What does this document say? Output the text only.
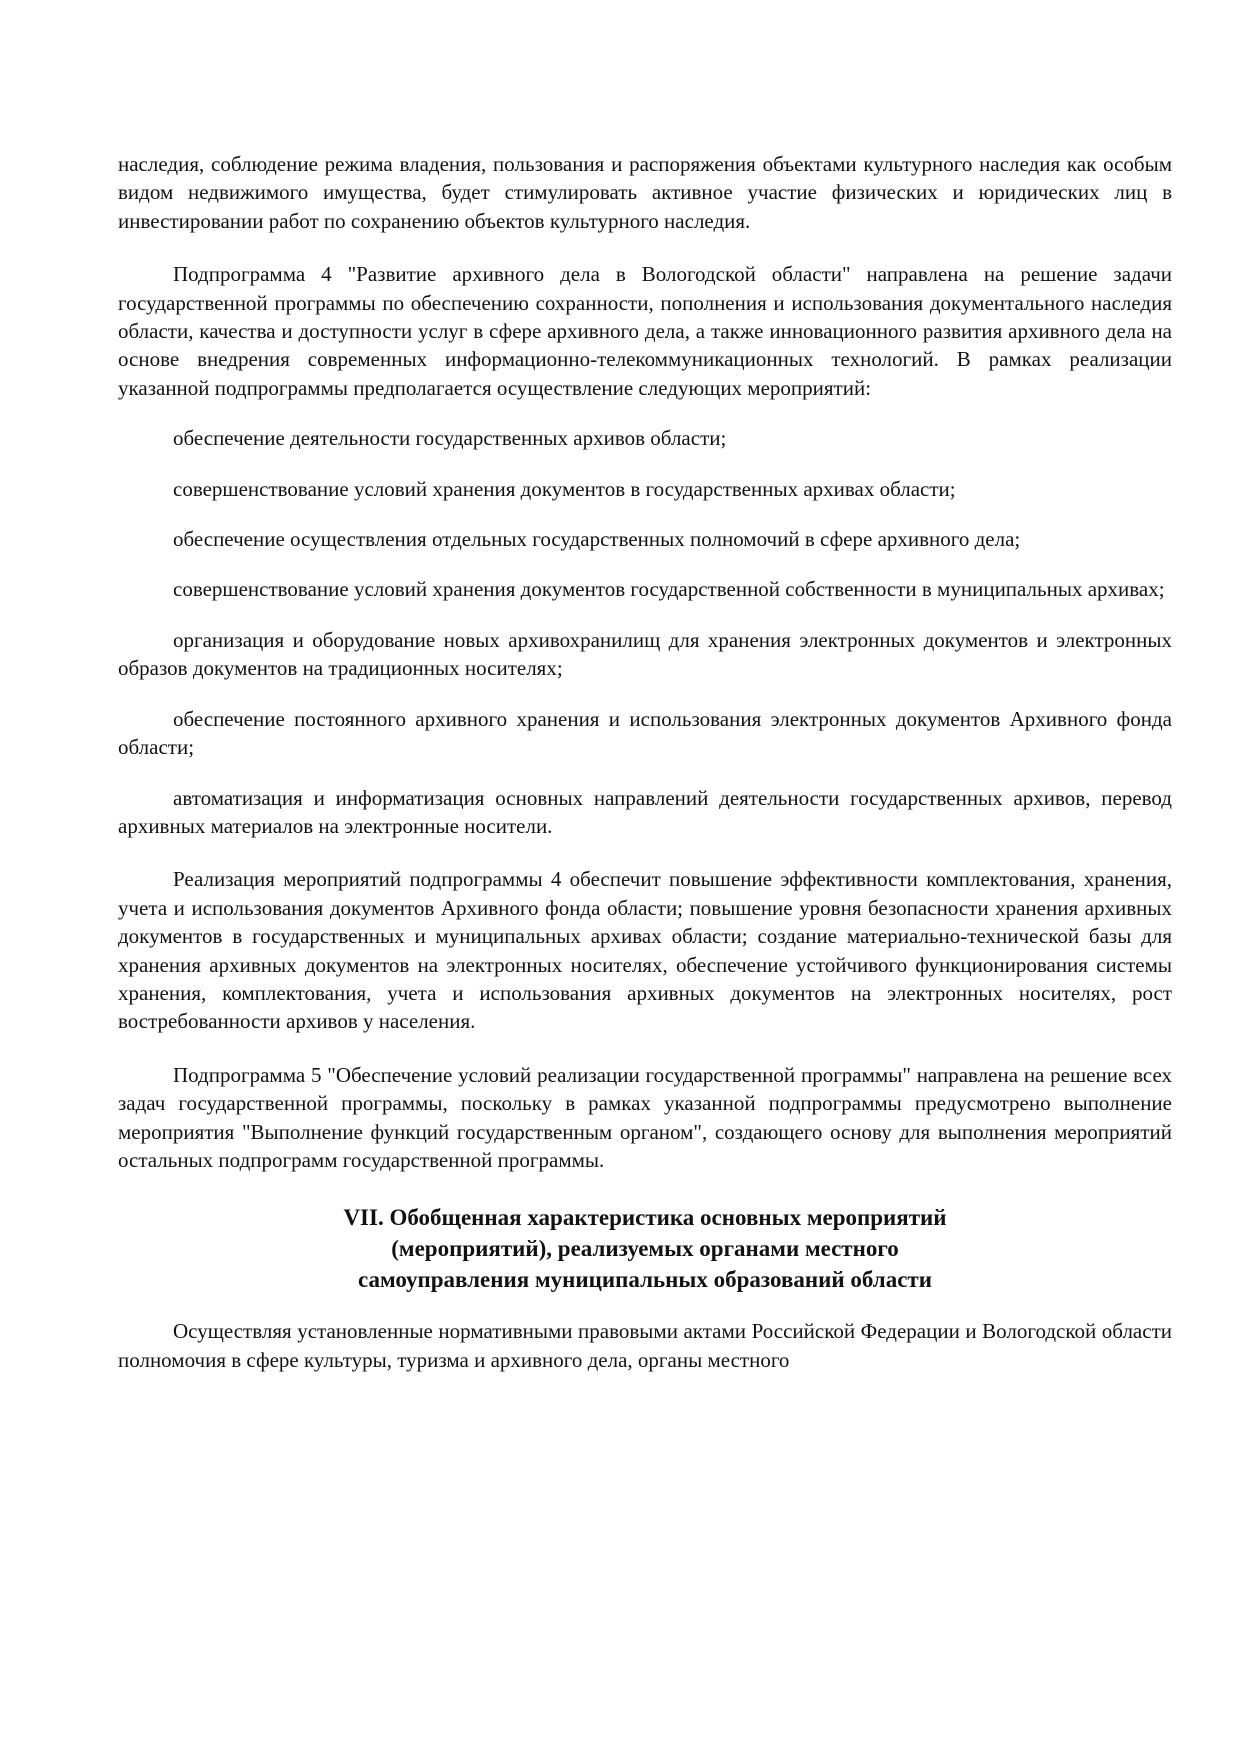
наследия, соблюдение режима владения, пользования и распоряжения объектами культурного наследия как особым видом недвижимого имущества, будет стимулировать активное участие физических и юридических лиц в инвестировании работ по сохранению объектов культурного наследия.

Подпрограмма 4 "Развитие архивного дела в Вологодской области" направлена на решение задачи государственной программы по обеспечению сохранности, пополнения и использования документального наследия области, качества и доступности услуг в сфере архивного дела, а также инновационного развития архивного дела на основе внедрения современных информационно-телекоммуникационных технологий. В рамках реализации указанной подпрограммы предполагается осуществление следующих мероприятий:

обеспечение деятельности государственных архивов области;

совершенствование условий хранения документов в государственных архивах области;

обеспечение осуществления отдельных государственных полномочий в сфере архивного дела;

совершенствование условий хранения документов государственной собственности в муниципальных архивах;

организация и оборудование новых архивохранилищ для хранения электронных документов и электронных образов документов на традиционных носителях;

обеспечение постоянного архивного хранения и использования электронных документов Архивного фонда области;

автоматизация и информатизация основных направлений деятельности государственных архивов, перевод архивных материалов на электронные носители.

Реализация мероприятий подпрограммы 4 обеспечит повышение эффективности комплектования, хранения, учета и использования документов Архивного фонда области; повышение уровня безопасности хранения архивных документов в государственных и муниципальных архивах области; создание материально-технической базы для хранения архивных документов на электронных носителях, обеспечение устойчивого функционирования системы хранения, комплектования, учета и использования архивных документов на электронных носителях, рост востребованности архивов у населения.

Подпрограмма 5 "Обеспечение условий реализации государственной программы" направлена на решение всех задач государственной программы, поскольку в рамках указанной подпрограммы предусмотрено выполнение мероприятия "Выполнение функций государственным органом", создающего основу для выполнения мероприятий остальных подпрограмм государственной программы.

VII. Обобщенная характеристика основных мероприятий
(мероприятий), реализуемых органами местного
самоуправления муниципальных образований области

Осуществляя установленные нормативными правовыми актами Российской Федерации и Вологодской области полномочия в сфере культуры, туризма и архивного дела, органы местного
